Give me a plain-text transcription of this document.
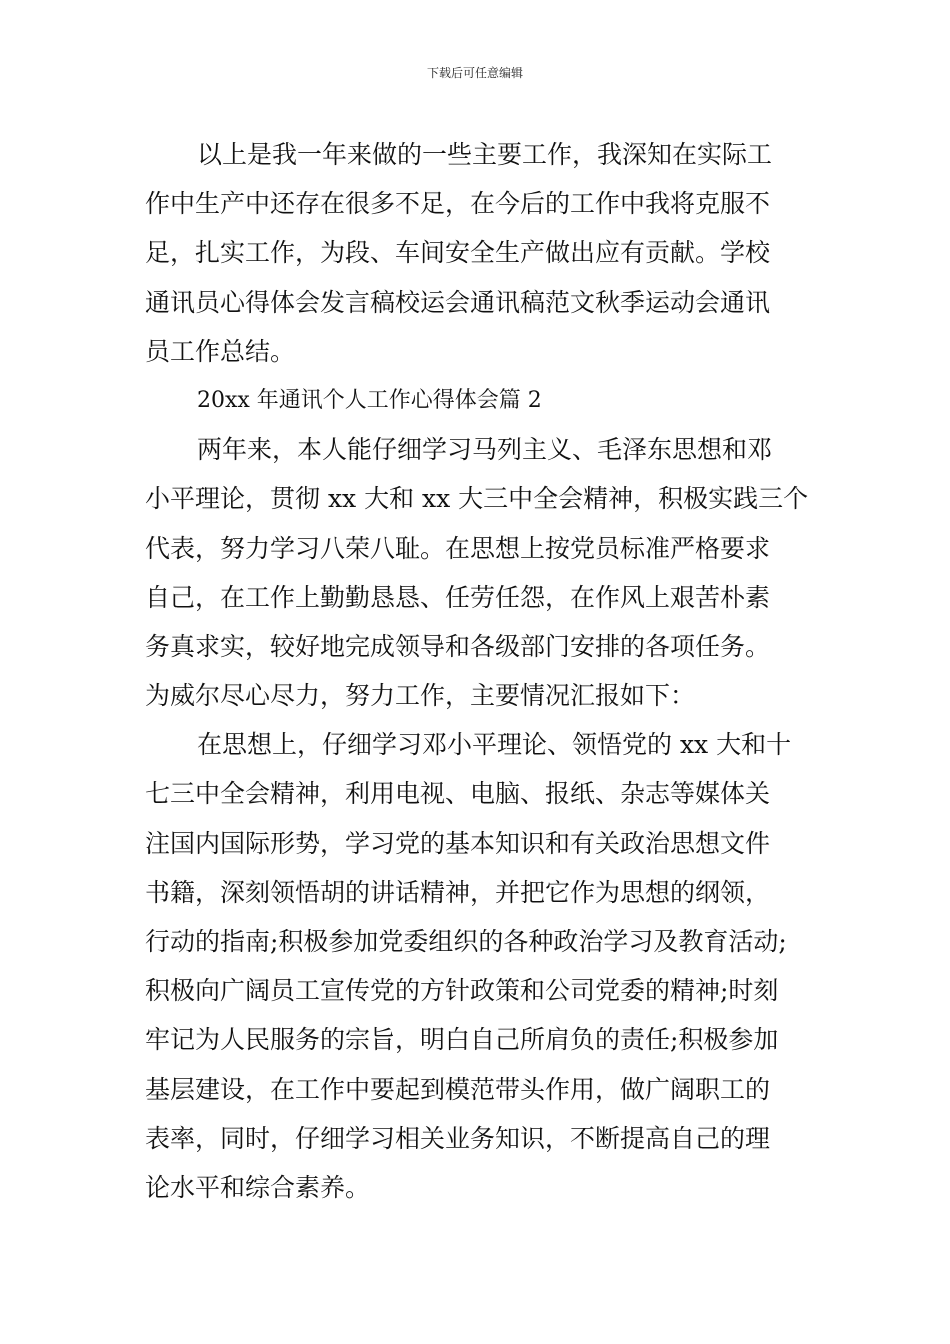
下载后可任意编辑
以上是我一年来做的一些主要工作，我深知在实际工
作中生产中还存在很多不足，在今后的工作中我将克服不
足，扎实工作，为段、车间安全生产做出应有贡献。学校
通讯员心得体会发言稿校运会通讯稿范文秋季运动会通讯
员工作总结。
20xx 年通讯个人工作心得体会篇 2
两年来，本人能仔细学习马列主义、毛泽东思想和邓
小平理论，贯彻 xx 大和 xx 大三中全会精神，积极实践三个
代表，努力学习八荣八耻。在思想上按党员标准严格要求
自己，在工作上勤勤恳恳、任劳任怨，在作风上艰苦朴素
务真求实，较好地完成领导和各级部门安排的各项任务。
为威尔尽心尽力，努力工作，主要情况汇报如下：
在思想上，仔细学习邓小平理论、领悟党的 xx 大和十
七三中全会精神，利用电视、电脑、报纸、杂志等媒体关
注国内国际形势，学习党的基本知识和有关政治思想文件
书籍，深刻领悟胡的讲话精神，并把它作为思想的纲领，
行动的指南;积极参加党委组织的各种政治学习及教育活动;
积极向广阔员工宣传党的方针政策和公司党委的精神;时刻
牢记为人民服务的宗旨，明白自己所肩负的责任;积极参加
基层建设，在工作中要起到模范带头作用，做广阔职工的
表率，同时，仔细学习相关业务知识，不断提高自己的理
论水平和综合素养。
